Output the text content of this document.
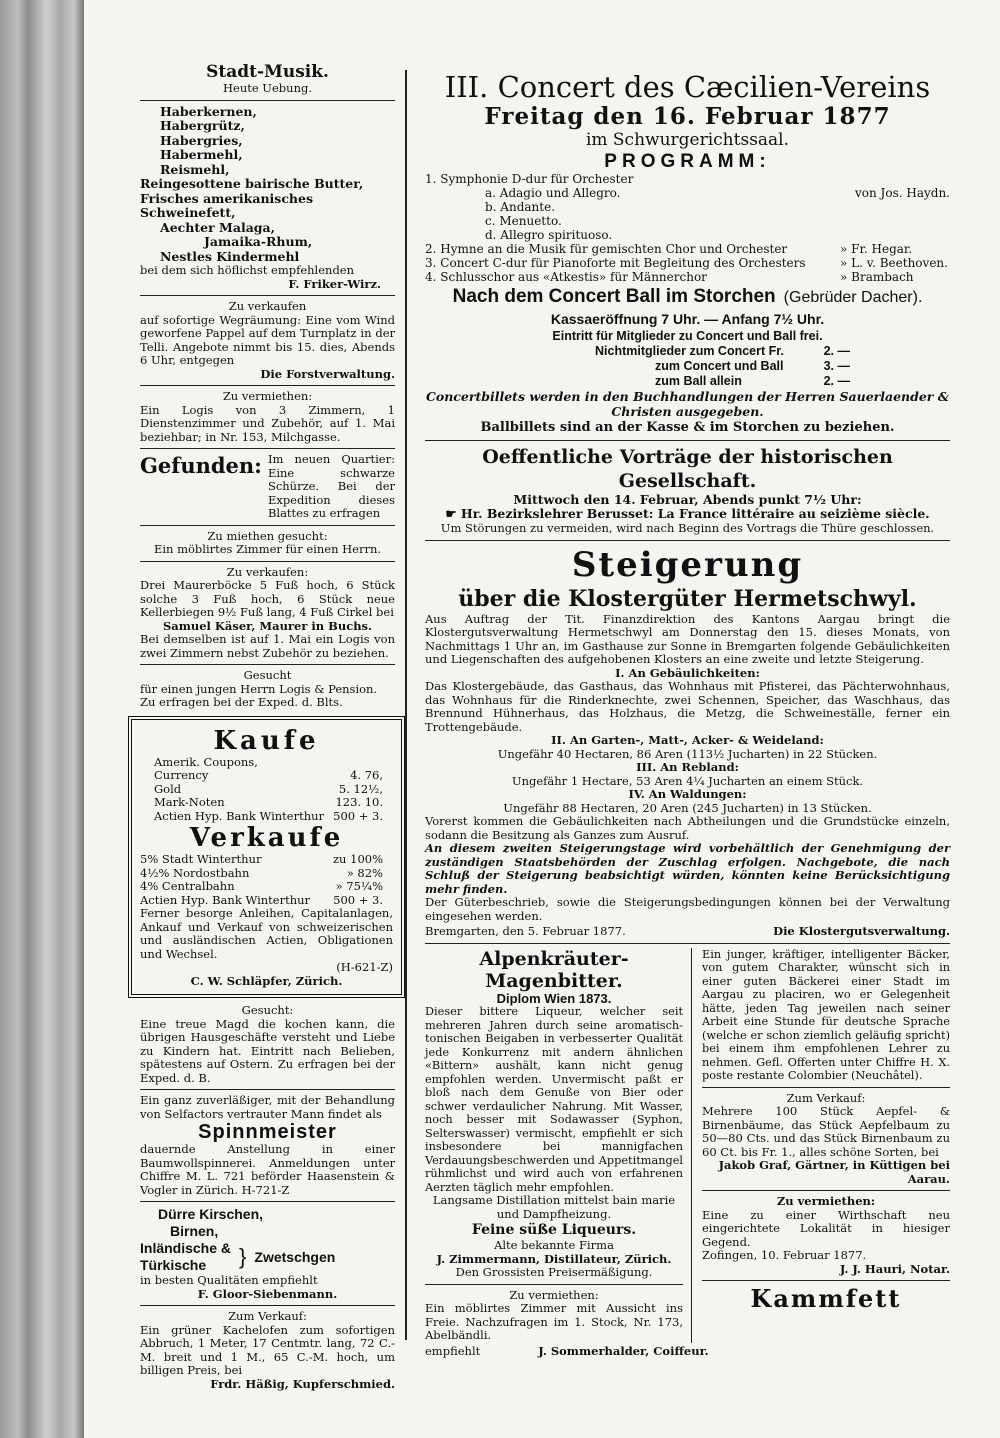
Stadt-Musik.
Heute Uebung.

Haberkernen,

Habergrütz,

Habergries,

Habermehl,

Reismehl,

Reingesottene bairische Butter,

Frisches amerikanisches Schweinefett,

Aechter Malaga,

Jamaika-Rhum,

Nestles Kindermehl

bei dem sich höflichst empfehlenden

F. Friker-Wirz.

Zu verkaufen

auf sofortige Wegräumung: Eine vom Wind geworfene Pappel auf dem Turnplatz in der Telli. Angebote nimmt bis 15. dies, Abends 6 Uhr, entgegen

Die Forstverwaltung.

Zu vermiethen:

Ein Logis von 3 Zimmern, 1 Dienstenzimmer und Zubehör, auf 1. Mai beziehbar; in Nr. 153, Milchgasse.

Gefunden: Im neuen Quartier: Eine schwarze Schürze. Bei der Expedition dieses Blattes zu erfragen

Zu miethen gesucht:

Ein möblirtes Zimmer für einen Herrn.

Zu verkaufen:

Drei Maurerböcke 5 Fuß hoch, 6 Stück solche 3 Fuß hoch, 6 Stück neue Kellerbiegen 9½ Fuß lang, 4 Fuß Cirkel bei

Samuel Käser, Maurer in Buchs.

Bei demselben ist auf 1. Mai ein Logis von zwei Zimmern nebst Zubehör zu beziehen.

Gesucht

für einen jungen Herrn Logis & Pension.

Zu erfragen bei der Exped. d. Blts.

Kaufe
Amerik. Coupons,
Currency	4. 76,
Gold	5. 12½,
Mark-Noten	123. 10.
Actien Hyp. Bank Winterthur 500 + 3.
Verkaufe
5% Stadt Winterthur	zu 100%
4½% Nordostbahn	» 82%
4% Centralbahn	» 75¼%
Actien Hyp. Bank Winterthur 500 + 3.

Ferner besorge Anleihen, Capitalanlagen, Ankauf und Verkauf von schweizerischen und ausländischen Actien, Obligationen und Wechsel.

(H-621-Z)

C. W. Schläpfer, Zürich.

Gesucht:

Eine treue Magd die kochen kann, die übrigen Hausgeschäfte versteht und Liebe zu Kindern hat. Eintritt nach Belieben, spätestens auf Ostern. Zu erfragen bei der Exped. d. B.

Ein ganz zuverläßiger, mit der Behandlung von Selfactors vertrauter Mann findet als

Spinnmeister

dauernde Anstellung in einer Baumwollspinnerei. Anmeldungen unter Chiffre M. L. 721 beförder Haasenstein & Vogler in Zürich. H-721-Z

Dürre Kirschen,

Birnen,

Inländische &

Türkische	} Zwetschgen

in besten Qualitäten empfiehlt

F. Gloor-Siebenmann.

Zum Verkauf:

Ein grüner Kachelofen zum sofortigen Abbruch, 1 Meter, 17 Centmtr. lang, 72 C.-M. breit und 1 M., 65 C.-M. hoch, um billigen Preis, bei

Frdr. Häßig, Kupferschmied.

III. Concert des Cæcilien-Vereins
Freitag den 16. Februar 1877
im Schwurgerichtssaal.
PROGRAMM:
1. Symphonie D-dur für Orchester
a. Adagio und Allegro.	von Jos. Haydn.
b. Andante.
c. Menuetto.
d. Allegro spirituoso.
2. Hymne an die Musik für gemischten Chor und Orchester	» Fr. Hegar.
3. Concert C-dur für Pianoforte mit Begleitung des Orchesters	» L. v. Beethoven.
4. Schlusschor aus «Atkestis» für Männerchor	» Brambach
Nach dem Concert Ball im Storchen (Gebrüder Dacher).
Kassaeröffnung 7 Uhr. — Anfang 7½ Uhr.
Eintritt für Mitglieder zu Concert und Ball frei.
Nichtmitglieder zum Concert Fr.	2. —
zum Concert und Ball	3. —
zum Ball allein	2. —
Concertbillets werden in den Buchhandlungen der Herren Sauerlaender & Christen ausgegeben.
Ballbillets sind an der Kasse & im Storchen zu beziehen.
Oeffentliche Vorträge der historischen Gesellschaft.
Mittwoch den 14. Februar, Abends punkt 7½ Uhr:
☛ Hr. Bezirkslehrer Berusset: La France littéraire au seizième siècle.
Um Störungen zu vermeiden, wird nach Beginn des Vortrags die Thüre geschlossen.
Steigerung
über die Klostergüter Hermetschwyl.

Aus Auftrag der Tit. Finanzdirektion des Kantons Aargau bringt die Klostergutsverwaltung Hermetschwyl am Donnerstag den 15. dieses Monats, von Nachmittags 1 Uhr an, im Gasthause zur Sonne in Bremgarten folgende Gebäulichkeiten und Liegenschaften des aufgehobenen Klosters an eine zweite und letzte Steigerung.

I. An Gebäulichkeiten:

Das Klostergebäude, das Gasthaus, das Wohnhaus mit Pfisterei, das Pächterwohnhaus, das Wohnhaus für die Rinderknechte, zwei Schennen, Speicher, das Waschhaus, das Brennund Hühnerhaus, das Holzhaus, die Metzg, die Schweineställe, ferner ein Trottengebäude.

II. An Garten-, Matt-, Acker- & Weideland:

Ungefähr 40 Hectaren, 86 Aren (113½ Jucharten) in 22 Stücken.

III. An Rebland:

Ungefähr 1 Hectare, 53 Aren 4¼ Jucharten an einem Stück.

IV. An Waldungen:

Ungefähr 88 Hectaren, 20 Aren (245 Jucharten) in 13 Stücken.

Vorerst kommen die Gebäulichkeiten nach Abtheilungen und die Grundstücke einzeln, sodann die Besitzung als Ganzes zum Ausruf.

An diesem zweiten Steigerungstage wird vorbehältlich der Genehmigung der zuständigen Staatsbehörden der Zuschlag erfolgen. Nachgebote, die nach Schluß der Steigerung beabsichtigt würden, könnten keine Berücksichtigung mehr finden.

Der Güterbeschrieb, sowie die Steigerungsbedingungen können bei der Verwaltung eingesehen werden.

Bremgarten, den 5. Februar 1877.	Die Klostergutsverwaltung.
Alpenkräuter-Magenbitter.
Diplom Wien 1873.

Dieser bittere Liqueur, welcher seit mehreren Jahren durch seine aromatisch-tonischen Beigaben in verbesserter Qualität jede Konkurrenz mit andern ähnlichen «Bittern» aushält, kann nicht genug empfohlen werden. Unvermischt paßt er bloß nach dem Genuße von Bier oder schwer verdaulicher Nahrung. Mit Wasser, noch besser mit Sodawasser (Syphon, Selterswasser) vermischt, empfiehlt er sich insbesondere bei mannigfachen Verdauungsbeschwerden und Appetitmangel rühmlichst und wird auch von erfahrenen Aerzten täglich mehr empfohlen.

Langsame Distillation mittelst bain marie und Dampfheizung.

Feine süße Liqueurs.

Alte bekannte Firma

J. Zimmermann, Distillateur, Zürich.

Den Grossisten Preisermäßigung.

Zu vermiethen:

Ein möblirtes Zimmer mit Aussicht ins Freie. Nachzufragen im 1. Stock, Nr. 173, Abelbändli.

Ein junger, kräftiger, intelligenter Bäcker, von gutem Charakter, wünscht sich in einer guten Bäckerei einer Stadt im Aargau zu placiren, wo er Gelegenheit hätte, jeden Tag jeweilen nach seiner Arbeit eine Stunde für deutsche Sprache (welche er schon ziemlich geläufig spricht) bei einem ihm empfohlenen Lehrer zu nehmen. Gefl. Offerten unter Chiffre H. X. poste restante Colombier (Neuchâtel).

Zum Verkauf:

Mehrere 100 Stück Aepfel- & Birnenbäume, das Stück Aepfelbaum zu 50—80 Cts. und das Stück Birnenbaum zu 60 Ct. bis Fr. 1., alles schöne Sorten, bei

Jakob Graf, Gärtner, in Küttigen bei Aarau.

Zu vermiethen:

Eine zu einer Wirthschaft neu eingerichtete Lokalität in hiesiger Gegend.

Zofingen, 10. Februar 1877.

J. J. Hauri, Notar.

Kammfett
empfiehlt	J. Sommerhalder, Coiffeur.
